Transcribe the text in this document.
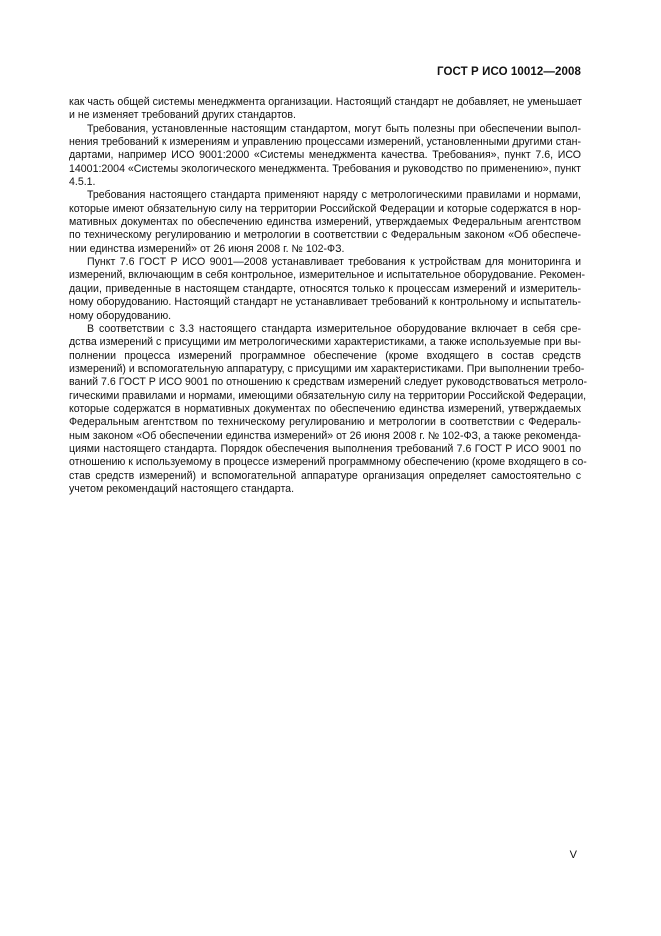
ГОСТ Р ИСО 10012—2008
как часть общей системы менеджмента организации. Настоящий стандарт не добавляет, не уменьшает
и не изменяет требований других стандартов.
Требования, установленные настоящим стандартом, могут быть полезны при обеспечении выпол-
нения требований к измерениям и управлению процессами измерений, установленными другими стан-
дартами, например ИСО 9001:2000 «Системы менеджмента качества. Требования», пункт 7.6, ИСО
14001:2004 «Системы экологического менеджмента. Требования и руководство по применению», пункт
4.5.1.
Требования настоящего стандарта применяют наряду с метрологическими правилами и нормами,
которые имеют обязательную силу на территории Российской Федерации и которые содержатся в нор-
мативных документах по обеспечению единства измерений, утверждаемых Федеральным агентством
по техническому регулированию и метрологии в соответствии с Федеральным законом «Об обеспече-
нии единства измерений» от 26 июня 2008 г. № 102-ФЗ.
Пункт 7.6 ГОСТ Р ИСО 9001—2008 устанавливает требования к устройствам для мониторинга и
измерений, включающим в себя контрольное, измерительное и испытательное оборудование. Рекомен-
дации, приведенные в настоящем стандарте, относятся только к процессам измерений и измеритель-
ному оборудованию. Настоящий стандарт не устанавливает требований к контрольному и испытатель-
ному оборудованию.
В соответствии с 3.3 настоящего стандарта измерительное оборудование включает в себя сре-
дства измерений с присущими им метрологическими характеристиками, а также используемые при вы-
полнении процесса измерений программное обеспечение (кроме входящего в состав средств
измерений) и вспомогательную аппаратуру, с присущими им характеристиками. При выполнении требо-
ваний 7.6 ГОСТ Р ИСО 9001 по отношению к средствам измерений следует руководствоваться метроло-
гическими правилами и нормами, имеющими обязательную силу на территории Российской Федерации,
которые содержатся в нормативных документах по обеспечению единства измерений, утверждаемых
Федеральным агентством по техническому регулированию и метрологии в соответствии с Федераль-
ным законом «Об обеспечении единства измерений» от 26 июня 2008 г. № 102-ФЗ, а также рекоменда-
циями настоящего стандарта. Порядок обеспечения выполнения требований 7.6 ГОСТ Р ИСО 9001 по
отношению к используемому в процессе измерений программному обеспечению (кроме входящего в со-
став средств измерений) и вспомогательной аппаратуре организация определяет самостоятельно с
учетом рекомендаций настоящего стандарта.
V
